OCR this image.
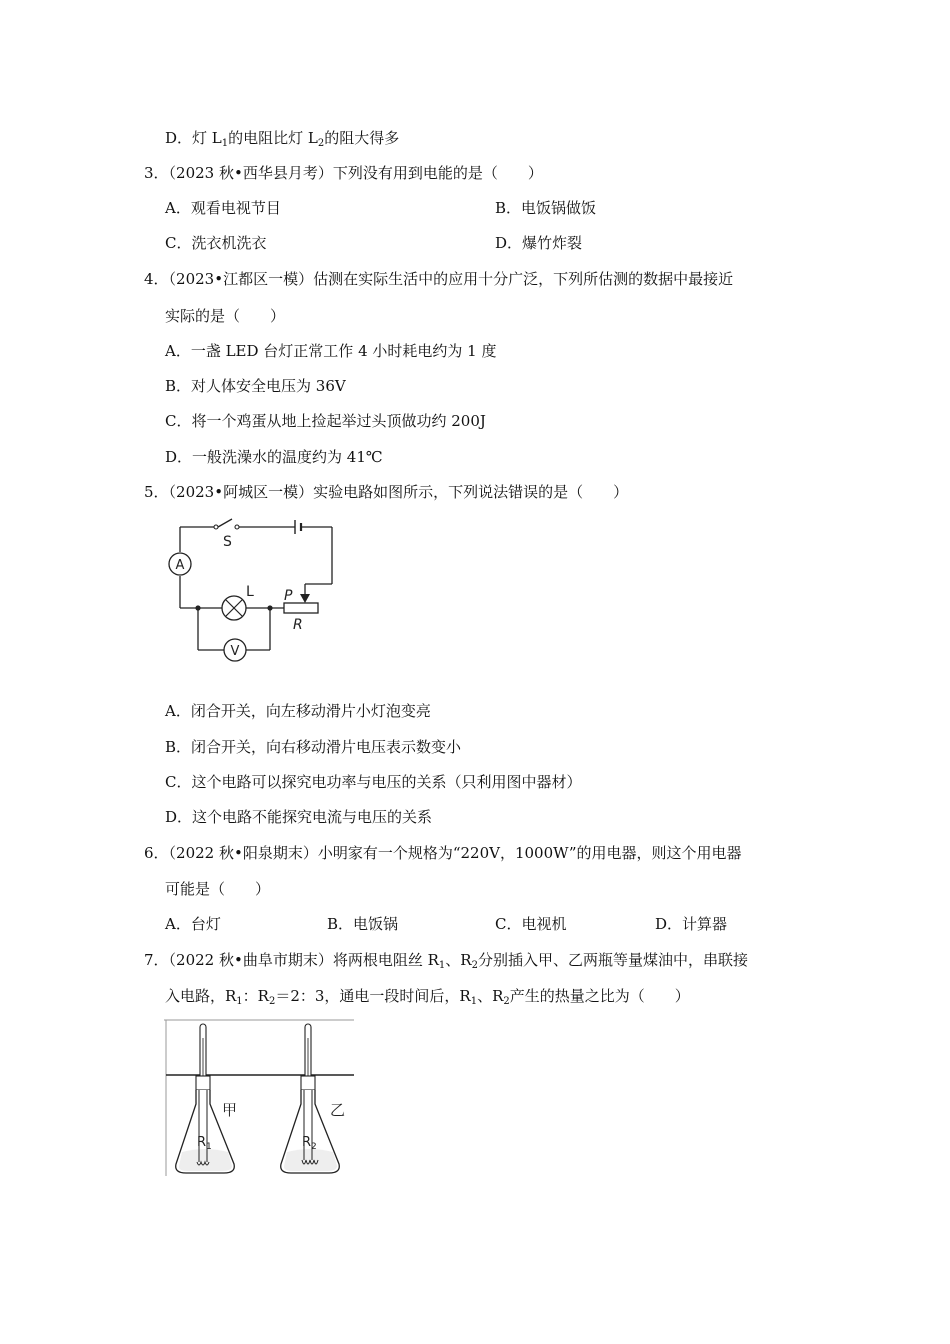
D．灯 $L_1$的电阻比灯 $L_2$的阻大得多
3．（2023 秋•西华县月考）下列没有用到电能的是（　　）
A．观看电视节目	B．电饭锅做饭
C．洗衣机洗衣	D．爆竹炸裂
4．（2023•江都区一模）估测在实际生活中的应用十分广泛，下列所估测的数据中最接近
实际的是（　　）
A．一盏 LED 台灯正常工作 4 小时耗电约为 1 度
B．对人体安全电压为 36V
C．将一个鸡蛋从地上捡起举过头顶做功约 200J
D．一般洗澡水的温度约为 41℃
5．（2023•阿城区一模）实验电路如图所示，下列说法错误的是（　　）
A
V
S
L P
R
A．闭合开关，向左移动滑片小灯泡变亮
B．闭合开关，向右移动滑片电压表示数变小
C．这个电路可以探究电功率与电压的关系（只利用图中器材）
D．这个电路不能探究电流与电压的关系
6．（2022 秋•阳泉期末）小明家有一个规格为“220V，1000W”的用电器，则这个用电器
可能是（　　）
A．台灯	B．电饭锅	C．电视机	D．计算器
7．（2022 秋•曲阜市期末）将两根电阻丝 $R_1$、$R_2$分别插入甲、乙两瓶等量煤油中，串联接
入电路，$R_1$：$R_2=2$：3，通电一段时间后，$R_1$、$R_2$产生的热量之比为（　　）
甲
$R_1$
乙
$R_2$
